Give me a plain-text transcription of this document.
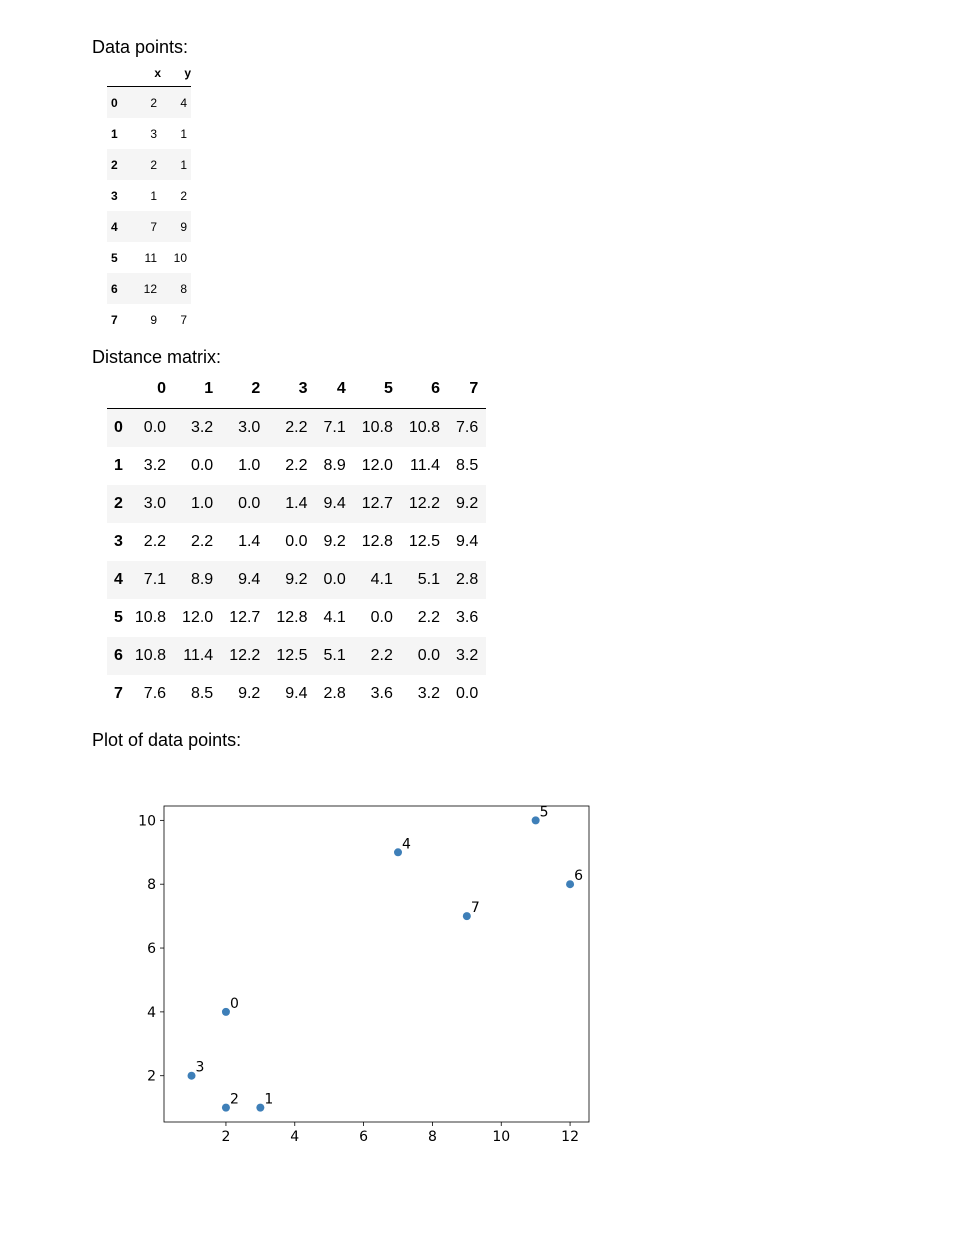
Data points:
	x	y
0	2	4
1	3	1
2	2	1
3	1	2
4	7	9
5	11	10
6	12	8
7	9	7
Distance matrix:
	0	1	2	3	4	5	6	7
0	0.0	3.2	3.0	2.2	7.1	10.8	10.8	7.6
1	3.2	0.0	1.0	2.2	8.9	12.0	11.4	8.5
2	3.0	1.0	0.0	1.4	9.4	12.7	12.2	9.2
3	2.2	2.2	1.4	0.0	9.2	12.8	12.5	9.4
4	7.1	8.9	9.4	9.2	0.0	4.1	5.1	2.8
5	10.8	12.0	12.7	12.8	4.1	0.0	2.2	3.6
6	10.8	11.4	12.2	12.5	5.1	2.2	0.0	3.2
7	7.6	8.5	9.2	9.4	2.8	3.6	3.2	0.0
Plot of data points:
2	4	6	8	10	12
2
4
6
8
10
0
1
2
3
4
5
6
7
